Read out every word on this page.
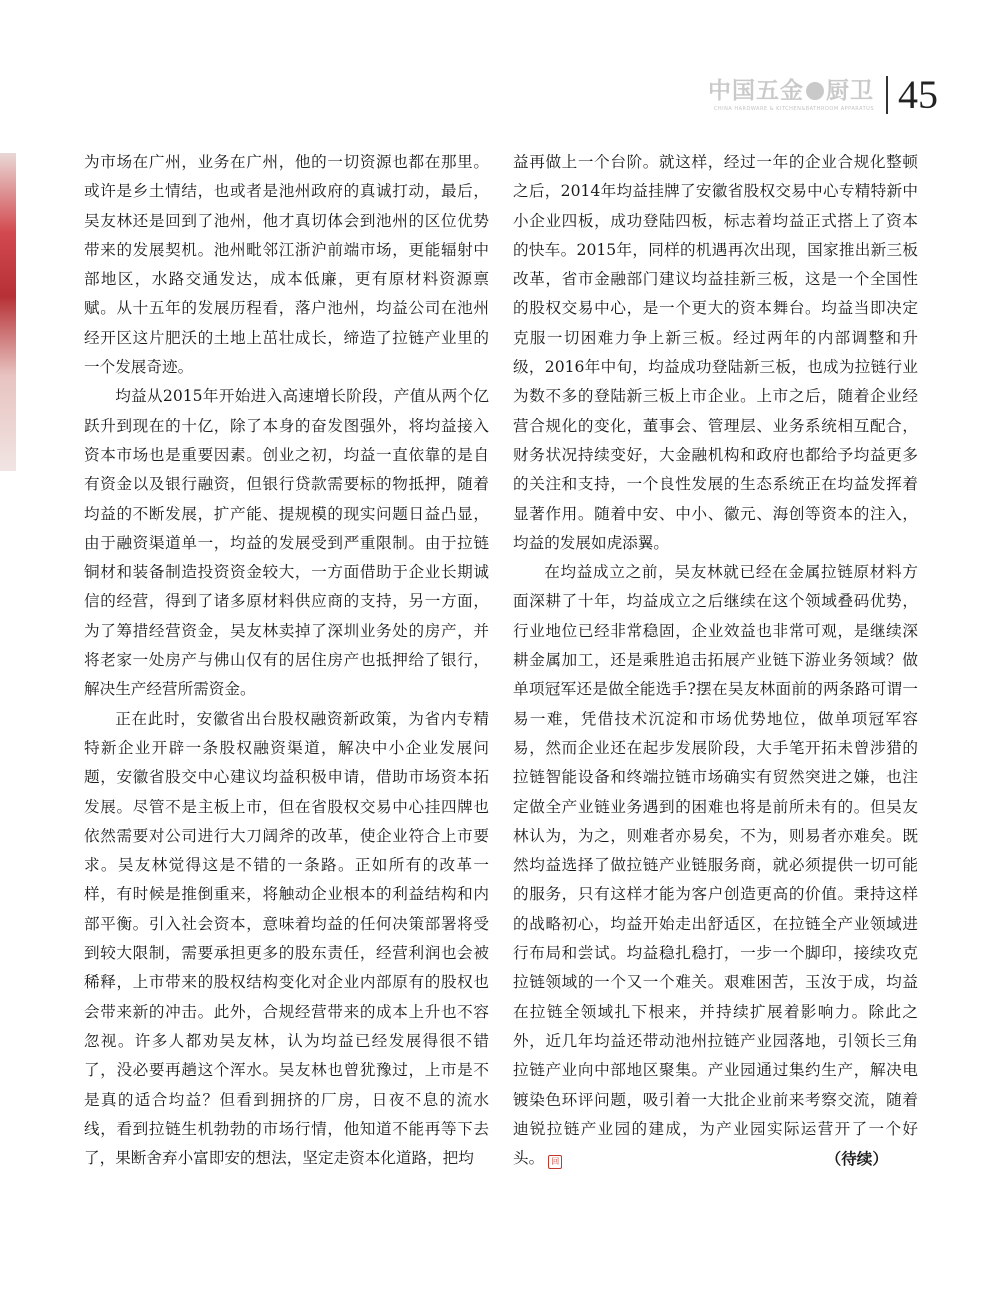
中国五金 厨卫
CHINA HARDWARE & KITCHEN&BATHROOM APPARATUS 45

为市场在广州，业务在广州，他的一切资源也都在那里。或许是乡土情结，也或者是池州政府的真诚打动，最后，吴友林还是回到了池州，他才真切体会到池州的区位优势带来的发展契机。池州毗邻江浙沪前端市场，更能辐射中部地区，水路交通发达，成本低廉，更有原材料资源禀赋。从十五年的发展历程看，落户池州，均益公司在池州经开区这片肥沃的土地上茁壮成长，缔造了拉链产业里的一个发展奇迹。

均益从2015年开始进入高速增长阶段，产值从两个亿跃升到现在的十亿，除了本身的奋发图强外，将均益接入资本市场也是重要因素。创业之初，均益一直依靠的是自有资金以及银行融资，但银行贷款需要标的物抵押，随着均益的不断发展，扩产能、提规模的现实问题日益凸显，由于融资渠道单一，均益的发展受到严重限制。由于拉链铜材和装备制造投资资金较大，一方面借助于企业长期诚信的经营，得到了诸多原材料供应商的支持，另一方面，为了筹措经营资金，吴友林卖掉了深圳业务处的房产，并将老家一处房产与佛山仅有的居住房产也抵押给了银行，解决生产经营所需资金。

正在此时，安徽省出台股权融资新政策，为省内专精特新企业开辟一条股权融资渠道，解决中小企业发展问题，安徽省股交中心建议均益积极申请，借助市场资本拓发展。尽管不是主板上市，但在省股权交易中心挂四牌也依然需要对公司进行大刀阔斧的改革，使企业符合上市要求。吴友林觉得这是不错的一条路。正如所有的改革一样，有时候是推倒重来，将触动企业根本的利益结构和内部平衡。引入社会资本，意味着均益的任何决策部署将受到较大限制，需要承担更多的股东责任，经营利润也会被稀释，上市带来的股权结构变化对企业内部原有的股权也会带来新的冲击。此外，合规经营带来的成本上升也不容忽视。许多人都劝吴友林，认为均益已经发展得很不错了，没必要再趟这个浑水。吴友林也曾犹豫过，上市是不是真的适合均益？但看到拥挤的厂房，日夜不息的流水线，看到拉链生机勃勃的市场行情，他知道不能再等下去了，果断舍弃小富即安的想法，坚定走资本化道路，把均

益再做上一个台阶。就这样，经过一年的企业合规化整顿之后，2014年均益挂牌了安徽省股权交易中心专精特新中小企业四板，成功登陆四板，标志着均益正式搭上了资本的快车。2015年，同样的机遇再次出现，国家推出新三板改革，省市金融部门建议均益挂新三板，这是一个全国性的股权交易中心，是一个更大的资本舞台。均益当即决定克服一切困难力争上新三板。经过两年的内部调整和升级，2016年中旬，均益成功登陆新三板，也成为拉链行业为数不多的登陆新三板上市企业。上市之后，随着企业经营合规化的变化，董事会、管理层、业务系统相互配合，财务状况持续变好，大金融机构和政府也都给予均益更多的关注和支持，一个良性发展的生态系统正在均益发挥着显著作用。随着中安、中小、徽元、海创等资本的注入，均益的发展如虎添翼。

在均益成立之前，吴友林就已经在金属拉链原材料方面深耕了十年，均益成立之后继续在这个领域叠码优势，行业地位已经非常稳固，企业效益也非常可观，是继续深耕金属加工，还是乘胜追击拓展产业链下游业务领域？做单项冠军还是做全能选手?摆在吴友林面前的两条路可谓一易一难，凭借技术沉淀和市场优势地位，做单项冠军容易，然而企业还在起步发展阶段，大手笔开拓未曾涉猎的拉链智能设备和终端拉链市场确实有贸然突进之嫌，也注定做全产业链业务遇到的困难也将是前所未有的。但吴友林认为，为之，则难者亦易矣，不为，则易者亦难矣。既然均益选择了做拉链产业链服务商，就必须提供一切可能的服务，只有这样才能为客户创造更高的价值。秉持这样的战略初心，均益开始走出舒适区，在拉链全产业领域进行布局和尝试。均益稳扎稳打，一步一个脚印，接续攻克拉链领域的一个又一个难关。艰难困苦，玉汝于成，均益在拉链全领域扎下根来，并持续扩展着影响力。除此之外，近几年均益还带动池州拉链产业园落地，引领长三角拉链产业向中部地区聚集。产业园通过集约生产，解决电镀染色环评问题，吸引着一大批企业前来考察交流，随着迪锐拉链产业园的建成，为产业园实际运营开了一个好头。 回	（待续）
